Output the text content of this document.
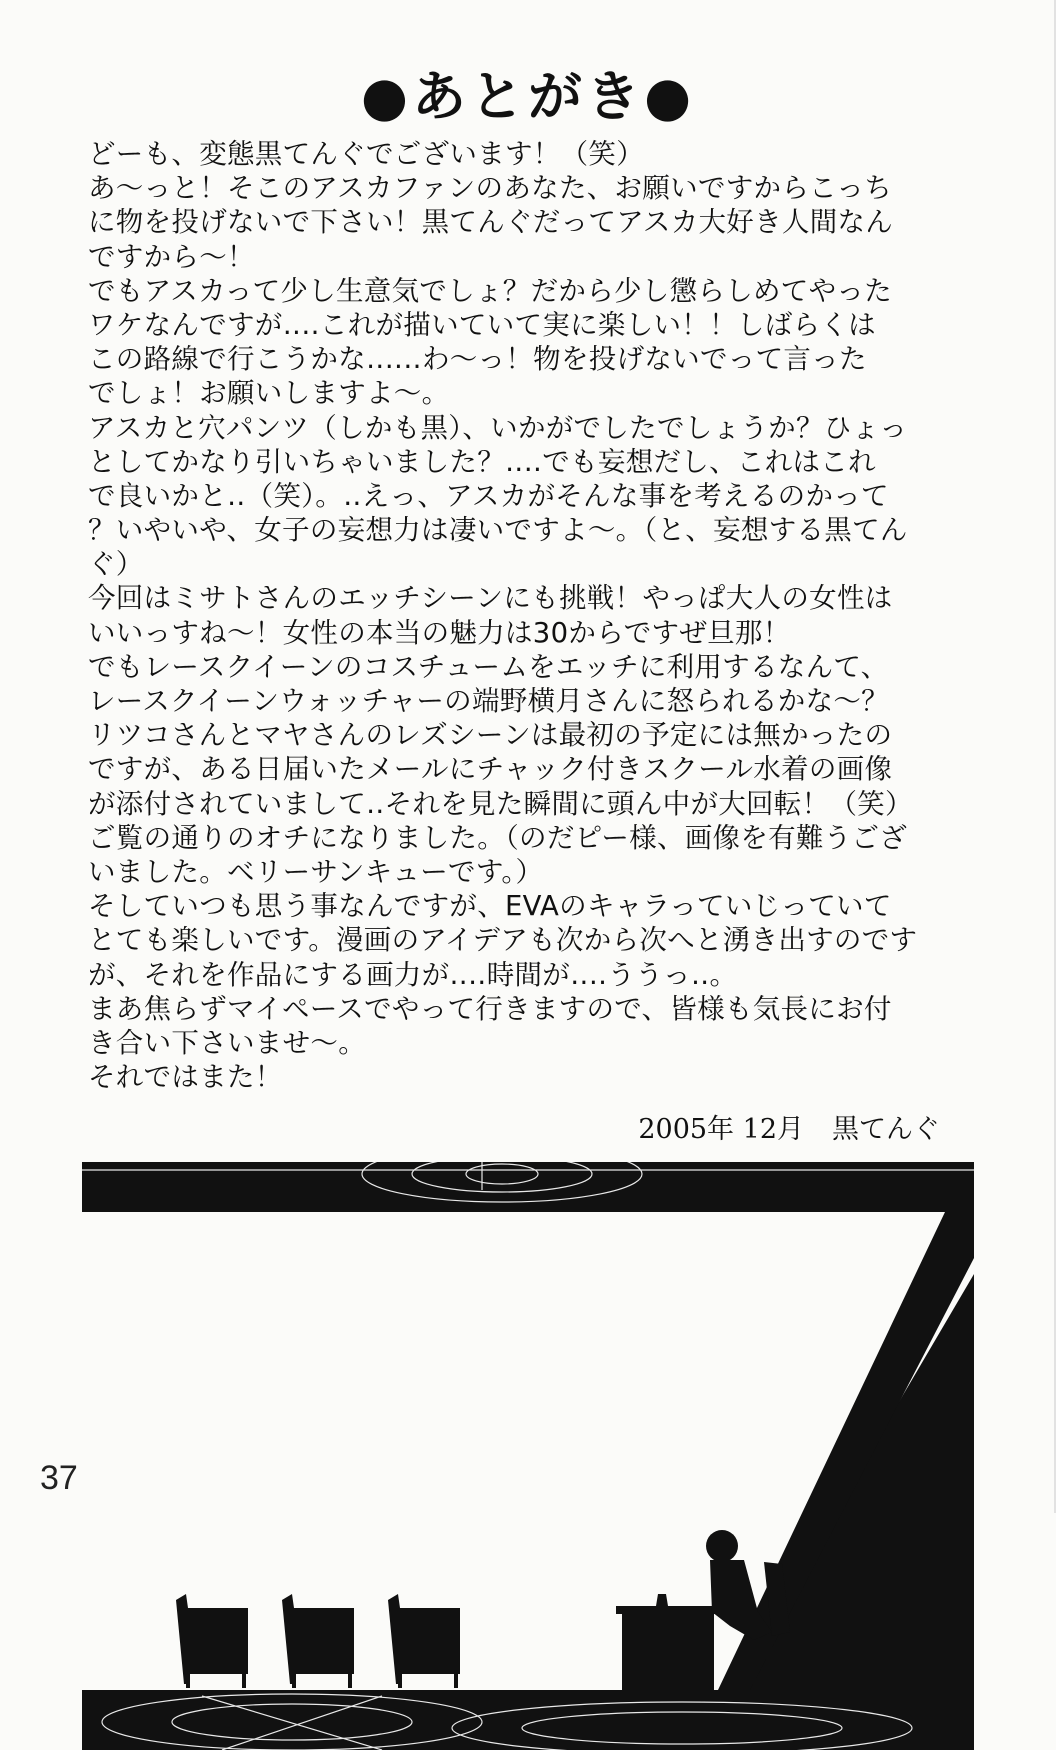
●あとがき●
どーも、変態黒てんぐでございます！（笑）
あ～っと！そこのアスカファンのあなた、お願いですからこっち
に物を投げないで下さい！黒てんぐだってアスカ大好き人間なん
ですから～！
でもアスカって少し生意気でしょ？だから少し懲らしめてやった
ワケなんですが‥‥これが描いていて実に楽しい！！しばらくは
この路線で行こうかな‥‥‥わ～っ！物を投げないでって言った
でしょ！お願いしますよ～。
アスカと穴パンツ（しかも黒）、いかがでしたでしょうか？ひょっ
としてかなり引いちゃいました？‥‥でも妄想だし、これはこれ
で良いかと‥（笑）。‥えっ、アスカがそんな事を考えるのかって
？いやいや、女子の妄想力は凄いですよ～。（と、妄想する黒てん
ぐ）
今回はミサトさんのエッチシーンにも挑戦！やっぱ大人の女性は
いいっすね～！女性の本当の魅力は30からですぜ旦那！
でもレースクイーンのコスチュームをエッチに利用するなんて、
レースクイーンウォッチャーの端野横月さんに怒られるかな～？
リツコさんとマヤさんのレズシーンは最初の予定には無かったの
ですが、ある日届いたメールにチャック付きスクール水着の画像
が添付されていまして‥それを見た瞬間に頭ん中が大回転！（笑）
ご覧の通りのオチになりました。（のだピー様、画像を有難うござ
いました。ベリーサンキューです。）
そしていつも思う事なんですが、EVAのキャラっていじっていて
とても楽しいです。漫画のアイデアも次から次へと湧き出すのです
が、それを作品にする画力が‥‥時間が‥‥ううっ‥。
まあ焦らずマイペースでやって行きますので、皆様も気長にお付
き合い下さいませ～。
それではまた！
2005年 12月 黒てんぐ
37
